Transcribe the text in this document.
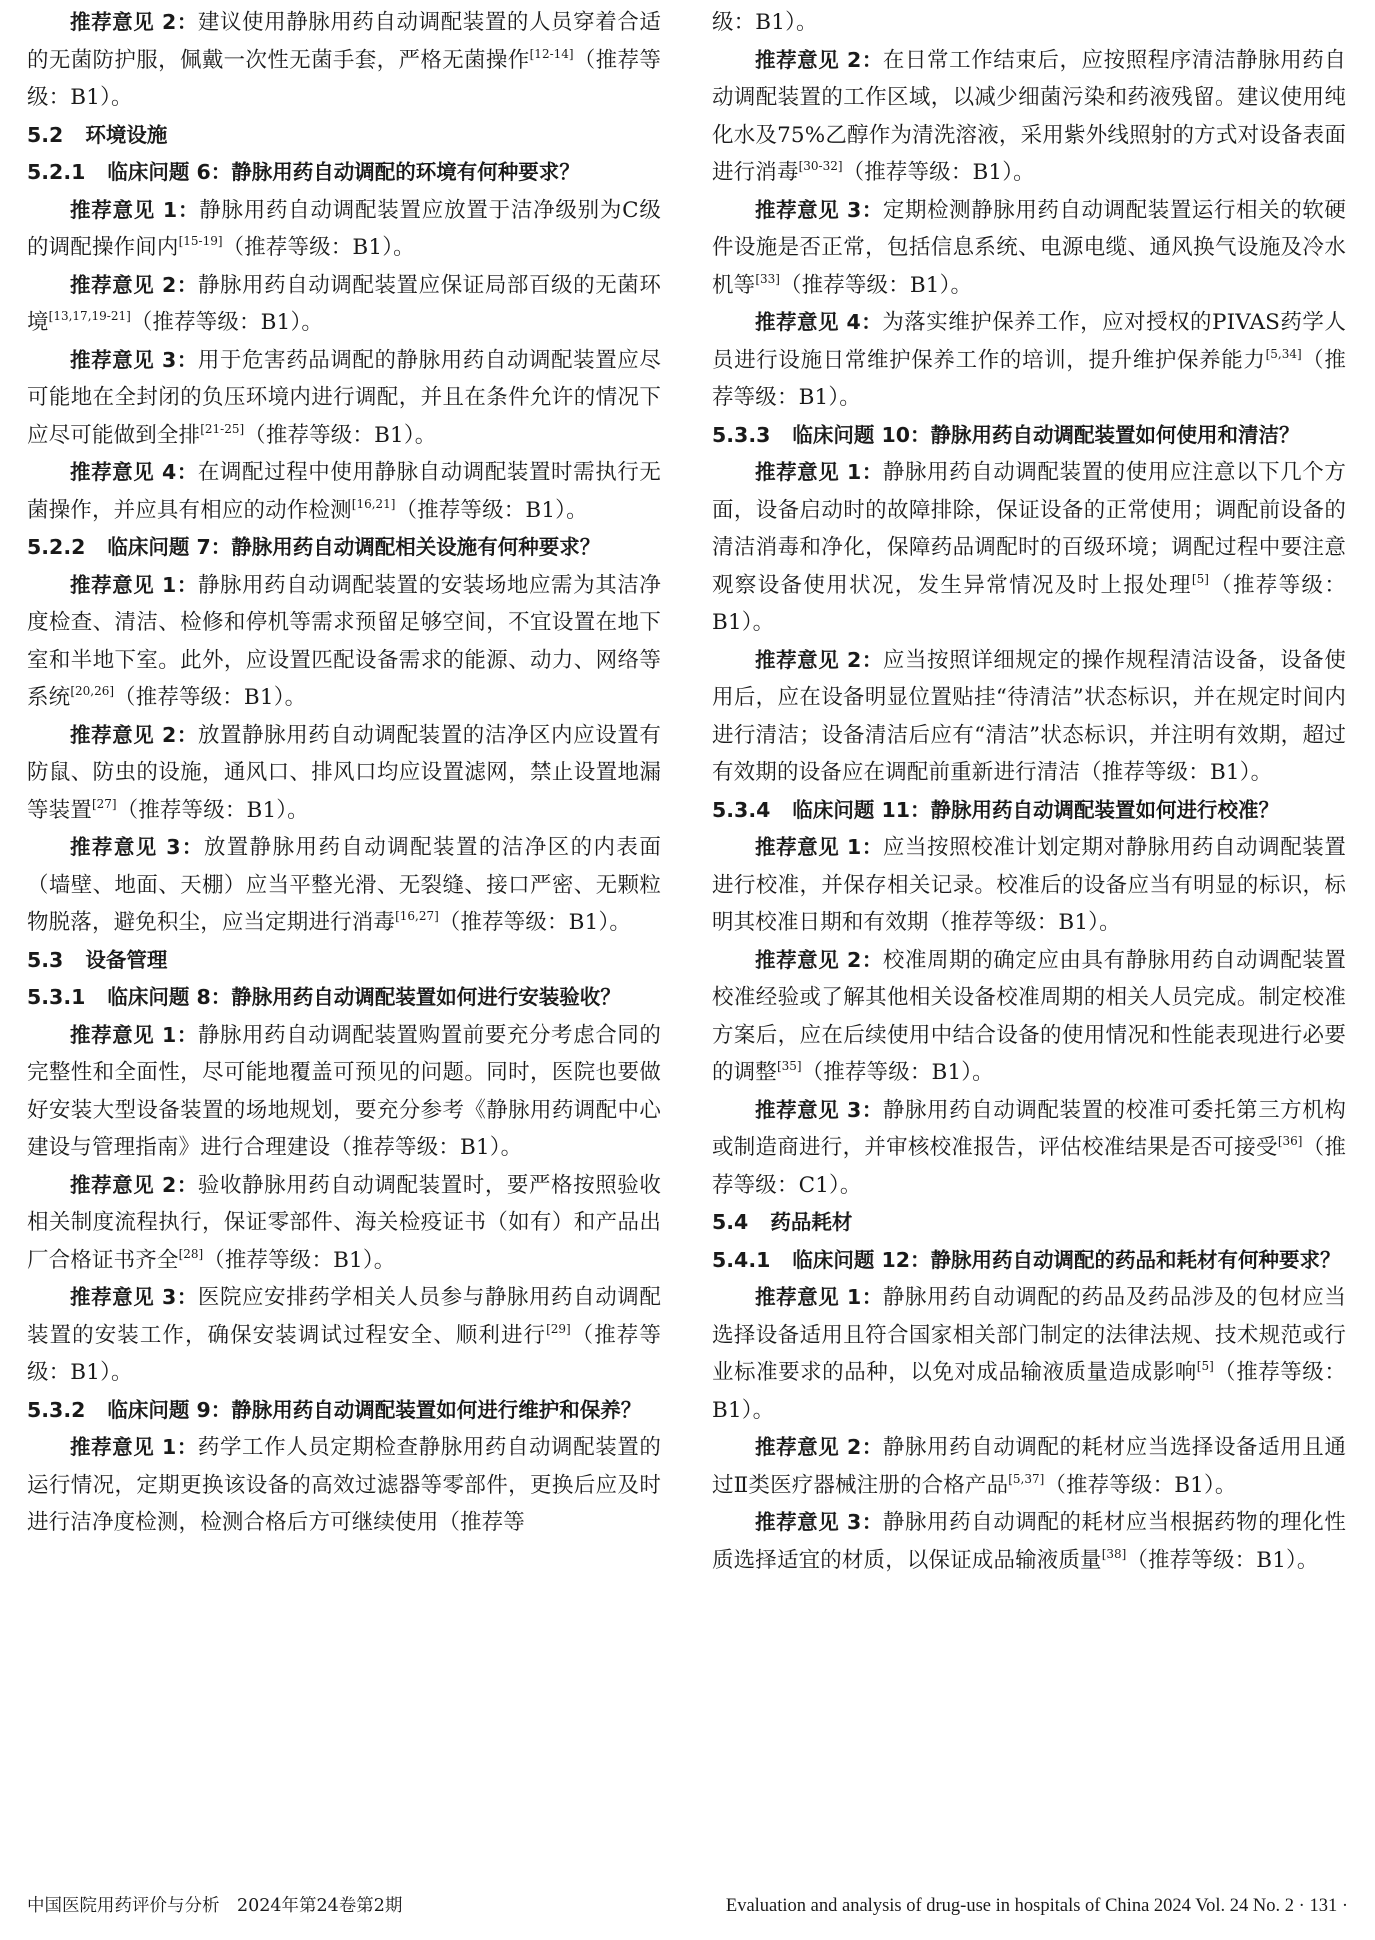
推荐意见 2：建议使用静脉用药自动调配装置的人员穿着合适的无菌防护服，佩戴一次性无菌手套，严格无菌操作[12-14]（推荐等级：B1）。

5.2 环境设施
5.2.1 临床问题 6：静脉用药自动调配的环境有何种要求？

推荐意见 1：静脉用药自动调配装置应放置于洁净级别为C级的调配操作间内[15-19]（推荐等级：B1）。

推荐意见 2：静脉用药自动调配装置应保证局部百级的无菌环境[13,17,19-21]（推荐等级：B1）。

推荐意见 3：用于危害药品调配的静脉用药自动调配装置应尽可能地在全封闭的负压环境内进行调配，并且在条件允许的情况下应尽可能做到全排[21-25]（推荐等级：B1）。

推荐意见 4：在调配过程中使用静脉自动调配装置时需执行无菌操作，并应具有相应的动作检测[16,21]（推荐等级：B1）。

5.2.2 临床问题 7：静脉用药自动调配相关设施有何种要求？

推荐意见 1：静脉用药自动调配装置的安装场地应需为其洁净度检查、清洁、检修和停机等需求预留足够空间，不宜设置在地下室和半地下室。此外，应设置匹配设备需求的能源、动力、网络等系统[20,26]（推荐等级：B1）。

推荐意见 2：放置静脉用药自动调配装置的洁净区内应设置有防鼠、防虫的设施，通风口、排风口均应设置滤网，禁止设置地漏等装置[27]（推荐等级：B1）。

推荐意见 3：放置静脉用药自动调配装置的洁净区的内表面（墙壁、地面、天棚）应当平整光滑、无裂缝、接口严密、无颗粒物脱落，避免积尘，应当定期进行消毒[16,27]（推荐等级：B1）。

5.3 设备管理
5.3.1 临床问题 8：静脉用药自动调配装置如何进行安装验收？

推荐意见 1：静脉用药自动调配装置购置前要充分考虑合同的完整性和全面性，尽可能地覆盖可预见的问题。同时，医院也要做好安装大型设备装置的场地规划，要充分参考《静脉用药调配中心建设与管理指南》进行合理建设（推荐等级：B1）。

推荐意见 2：验收静脉用药自动调配装置时，要严格按照验收相关制度流程执行，保证零部件、海关检疫证书（如有）和产品出厂合格证书齐全[28]（推荐等级：B1）。

推荐意见 3：医院应安排药学相关人员参与静脉用药自动调配装置的安装工作，确保安装调试过程安全、顺利进行[29]（推荐等级：B1）。

5.3.2 临床问题 9：静脉用药自动调配装置如何进行维护和保养？

推荐意见 1：药学工作人员定期检查静脉用药自动调配装置的运行情况，定期更换该设备的高效过滤器等零部件，更换后应及时进行洁净度检测，检测合格后方可继续使用（推荐等

级：B1）。

推荐意见 2：在日常工作结束后，应按照程序清洁静脉用药自动调配装置的工作区域，以减少细菌污染和药液残留。建议使用纯化水及75%乙醇作为清洗溶液，采用紫外线照射的方式对设备表面进行消毒[30-32]（推荐等级：B1）。

推荐意见 3：定期检测静脉用药自动调配装置运行相关的软硬件设施是否正常，包括信息系统、电源电缆、通风换气设施及冷水机等[33]（推荐等级：B1）。

推荐意见 4：为落实维护保养工作，应对授权的PIVAS药学人员进行设施日常维护保养工作的培训，提升维护保养能力[5,34]（推荐等级：B1）。

5.3.3 临床问题 10：静脉用药自动调配装置如何使用和清洁？

推荐意见 1：静脉用药自动调配装置的使用应注意以下几个方面，设备启动时的故障排除，保证设备的正常使用；调配前设备的清洁消毒和净化，保障药品调配时的百级环境；调配过程中要注意观察设备使用状况，发生异常情况及时上报处理[5]（推荐等级：B1）。

推荐意见 2：应当按照详细规定的操作规程清洁设备，设备使用后，应在设备明显位置贴挂“待清洁”状态标识，并在规定时间内进行清洁；设备清洁后应有“清洁”状态标识，并注明有效期，超过有效期的设备应在调配前重新进行清洁（推荐等级：B1）。

5.3.4 临床问题 11：静脉用药自动调配装置如何进行校准？

推荐意见 1：应当按照校准计划定期对静脉用药自动调配装置进行校准，并保存相关记录。校准后的设备应当有明显的标识，标明其校准日期和有效期（推荐等级：B1）。

推荐意见 2：校准周期的确定应由具有静脉用药自动调配装置校准经验或了解其他相关设备校准周期的相关人员完成。制定校准方案后，应在后续使用中结合设备的使用情况和性能表现进行必要的调整[35]（推荐等级：B1）。

推荐意见 3：静脉用药自动调配装置的校准可委托第三方机构或制造商进行，并审核校准报告，评估校准结果是否可接受[36]（推荐等级：C1）。

5.4 药品耗材
5.4.1 临床问题 12：静脉用药自动调配的药品和耗材有何种要求？

推荐意见 1：静脉用药自动调配的药品及药品涉及的包材应当选择设备适用且符合国家相关部门制定的法律法规、技术规范或行业标准要求的品种，以免对成品输液质量造成影响[5]（推荐等级：B1）。

推荐意见 2：静脉用药自动调配的耗材应当选择设备适用且通过Ⅱ类医疗器械注册的合格产品[5,37]（推荐等级：B1）。

推荐意见 3：静脉用药自动调配的耗材应当根据药物的理化性质选择适宜的材质，以保证成品输液质量[38]（推荐等级：B1）。

中国医院用药评价与分析　2024年第24卷第2期	Evaluation and analysis of drug-use in hospitals of China 2024 Vol. 24 No. 2 · 131 ·
